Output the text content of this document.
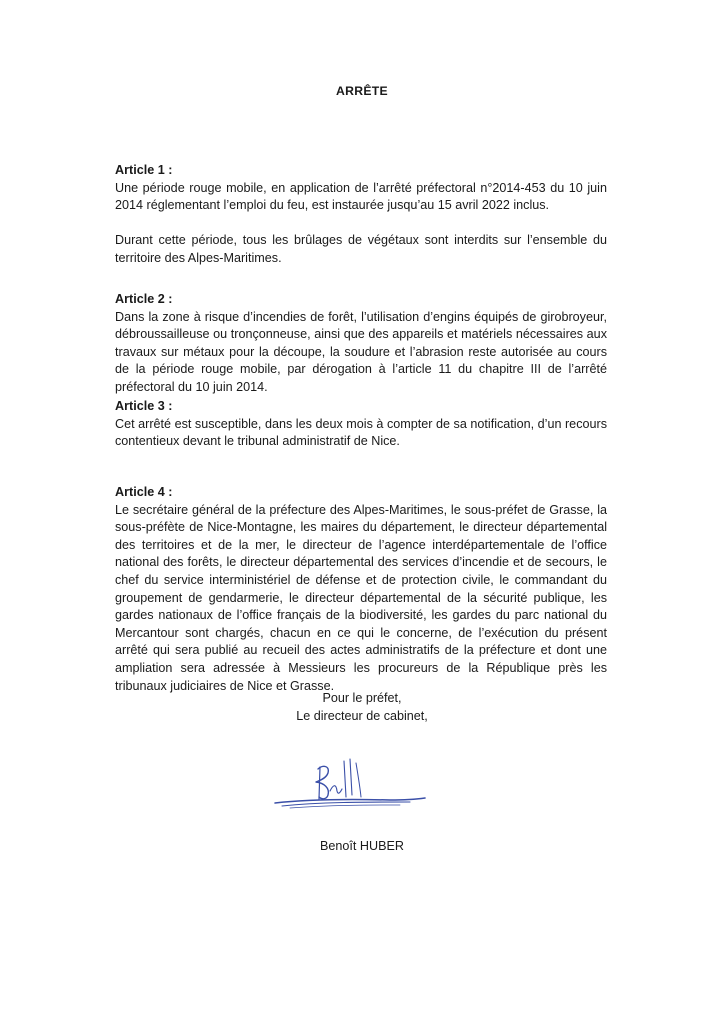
ARRÊTE

Article 1 :

Une période rouge mobile, en application de l’arrêté préfectoral n°2014-453 du 10 juin 2014 réglementant l’emploi du feu, est instaurée jusqu’au 15 avril 2022 inclus.

Durant cette période, tous les brûlages de végétaux sont interdits sur l’ensemble du territoire des Alpes-Maritimes.

Article 2 :

Dans la zone à risque d’incendies de forêt, l’utilisation d’engins équipés de girobroyeur, débroussailleuse ou tronçonneuse, ainsi que des appareils et matériels nécessaires aux travaux sur métaux pour la découpe, la soudure et l’abrasion reste autorisée au cours de la période rouge mobile, par dérogation à l’article 11 du chapitre III de l’arrêté préfectoral du 10 juin 2014.

Article 3 :

Cet arrêté est susceptible, dans les deux mois à compter de sa notification, d’un recours contentieux devant le tribunal administratif de Nice.

Article 4 :

Le secrétaire général de la préfecture des Alpes-Maritimes, le sous-préfet de Grasse, la sous-préfète de Nice-Montagne, les maires du département, le directeur départemental des territoires et de la mer, le directeur de l’agence interdépartementale de l’office national des forêts, le directeur départemental des services d’incendie et de secours, le chef du service interministériel de défense et de protection civile, le commandant du groupement de gendarmerie, le directeur départemental de la sécurité publique, les gardes nationaux de l’office français de la biodiversité, les gardes du parc national du Mercantour sont chargés, chacun en ce qui le concerne, de l’exécution du présent arrêté qui sera publié au recueil des actes administratifs de la préfecture et dont une ampliation sera adressée à Messieurs les procureurs de la République près les tribunaux judiciaires de Nice et Grasse.

Pour le préfet,
Le directeur de cabinet,
Benoît HUBER
